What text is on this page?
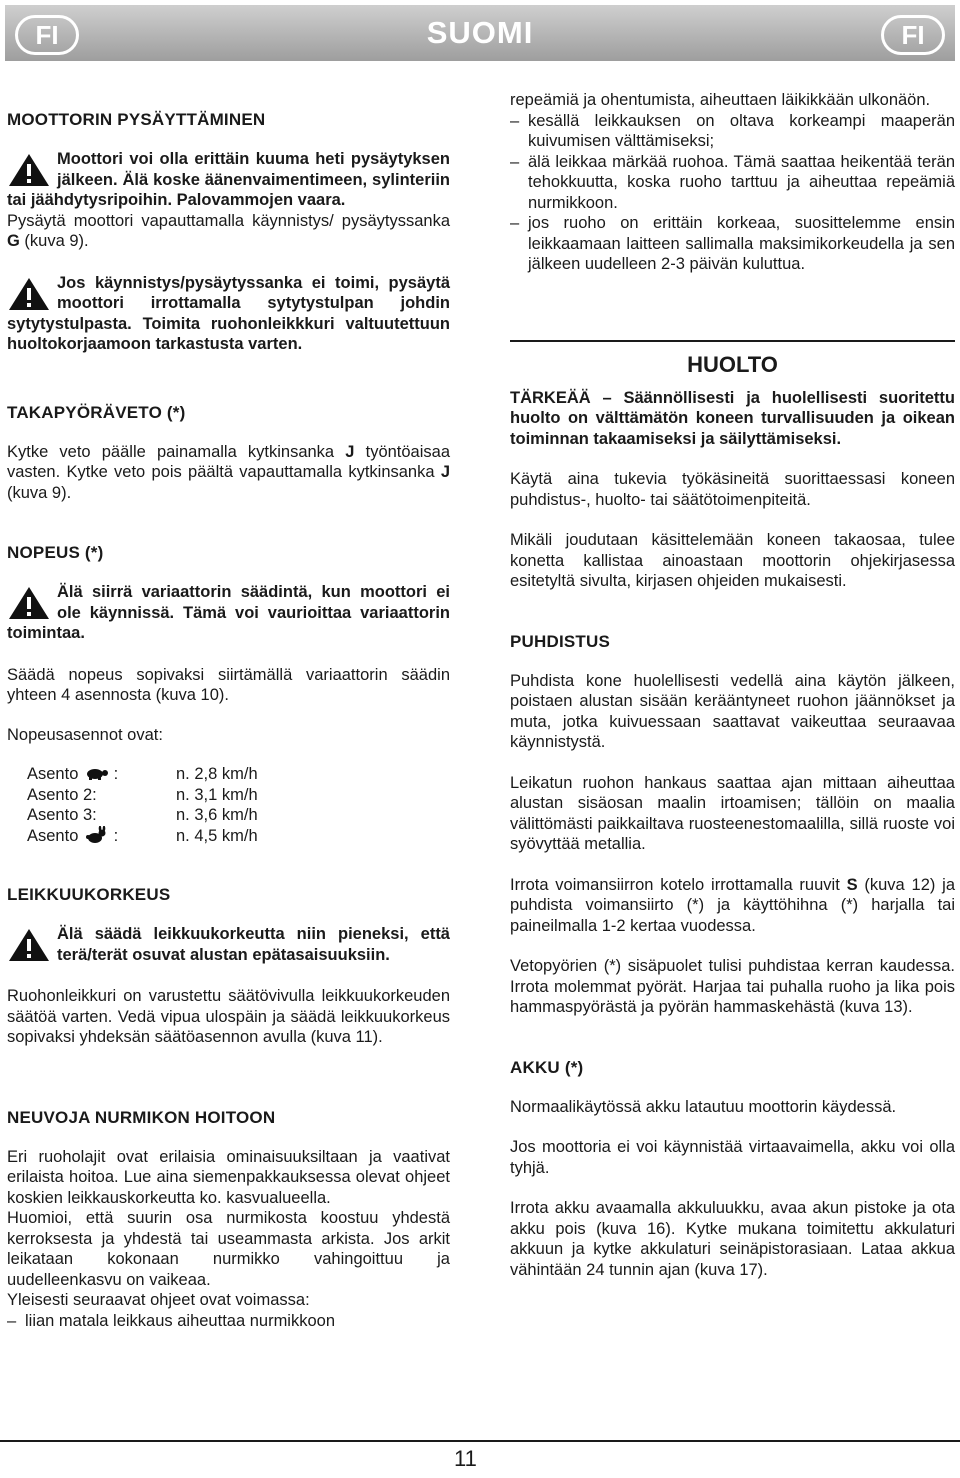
FI	SUOMI	FI
MOOTTORIN PYSÄYTTÄMINEN

Moottori voi olla erittäin kuuma heti pysäytyksen jälkeen. Älä koske äänenvaimentimeen, sylinteriin tai jäähdytysripoihin. Palovammojen vaara.

Pysäytä moottori vapauttamalla käynnistys/ pysäytyssanka G (kuva 9).

Jos käynnistys/pysäytyssanka ei toimi, pysäytä moottori irrottamalla sytytystulpan johdin sytytystulpasta. Toimita ruohonleikkkuri valtuutettuun huoltokorjaamoon tarkastusta varten.

TAKAPYÖRÄVETO (*)

Kytke veto päälle painamalla kytkinsanka J työntöaisaa vasten. Kytke veto pois päältä vapauttamalla kytkinsanka J (kuva 9).

NOPEUS (*)

Älä siirrä variaattorin säädintä, kun moottori ei ole käynnissä. Tämä voi vaurioittaa variaattorin toimintaa.

Säädä nopeus sopivaksi siirtämällä variaattorin säädin yhteen 4 asennosta (kuva 10).

Nopeusasennot ovat:

Asento :	n. 2,8 km/h
Asento 2:	n. 3,1 km/h
Asento 3:	n. 3,6 km/h
Asento :	n. 4,5 km/h
LEIKKUUKORKEUS

Älä säädä leikkuukorkeutta niin pieneksi, että terä/terät osuvat alustan epätasaisuuksiin.

Ruohonleikkuri on varustettu säätövivulla leikkuukorkeuden säätöä varten. Vedä vipua ulospäin ja säädä leikkuukorkeus sopivaksi yhdeksän säätöasennon avulla (kuva 11).

NEUVOJA NURMIKON HOITOON

Eri ruoholajit ovat erilaisia ominaisuuksiltaan ja vaativat erilaista hoitoa. Lue aina siemenpakkauksessa olevat ohjeet koskien leikkauskorkeutta ko. kasvualueella.

Huomioi, että suurin osa nurmikosta koostuu yhdestä kerroksesta ja yhdestä tai useammasta arkista. Jos arkit leikataan kokonaan nurmikko vahingoittuu ja uudelleenkasvu on vaikeaa.

Yleisesti seuraavat ohjeet ovat voimassa:

– liian matala leikkaus aiheuttaa nurmikkoon

repeämiä ja ohentumista, aiheuttaen läikikkään ulkonäön.

– kesällä leikkauksen on oltava korkeampi maaperän kuivumisen välttämiseksi;
– älä leikkaa märkää ruohoa. Tämä saattaa heikentää terän tehokkuutta, koska ruoho tarttuu ja aiheuttaa repeämiä nurmikkoon.
– jos ruoho on erittäin korkeaa, suosittelemme ensin leikkaamaan laitteen sallimalla maksimikorkeudella ja sen jälkeen uudelleen 2-3 päivän kuluttua.
HUOLTO

TÄRKEÄÄ – Säännöllisesti ja huolellisesti suoritettu huolto on välttämätön koneen turvallisuuden ja oikean toiminnan takaamiseksi ja säilyttämiseksi.

Käytä aina tukevia työkäsineitä suorittaessasi koneen puhdistus-, huolto- tai säätötoimenpiteitä.

Mikäli joudutaan käsittelemään koneen takaosaa, tulee konetta kallistaa ainoastaan moottorin ohjekirjasessa esitetyltä sivulta, kirjasen ohjeiden mukaisesti.

PUHDISTUS

Puhdista kone huolellisesti vedellä aina käytön jälkeen, poistaen alustan sisään kerääntyneet ruohon jäännökset ja muta, jotka kuivuessaan saattavat vaikeuttaa seuraavaa käynnistystä.

Leikatun ruohon hankaus saattaa ajan mittaan aiheuttaa alustan sisäosan maalin irtoamisen; tällöin on maalia välittömästi paikkailtava ruosteenestomaalilla, sillä ruoste voi syövyttää metallia.

Irrota voimansiirron kotelo irrottamalla ruuvit S (kuva 12) ja puhdista voimansiirto (*) ja käyttöhihna (*) harjalla tai paineilmalla 1-2 kertaa vuodessa.

Vetopyörien (*) sisäpuolet tulisi puhdistaa kerran kaudessa. Irrota molemmat pyörät. Harjaa tai puhalla ruoho ja lika pois hammaspyörästä ja pyörän hammaskehästä (kuva 13).

AKKU (*)

Normaalikäytössä akku latautuu moottorin käydessä.

Jos moottoria ei voi käynnistää virtaavaimella, akku voi olla tyhjä.

Irrota akku avaamalla akkuluukku, avaa akun pistoke ja ota akku pois (kuva 16). Kytke mukana toimitettu akkulaturi akkuun ja kytke akkulaturi seinäpistorasiaan. Lataa akkua vähintään 24 tunnin ajan (kuva 17).

11
